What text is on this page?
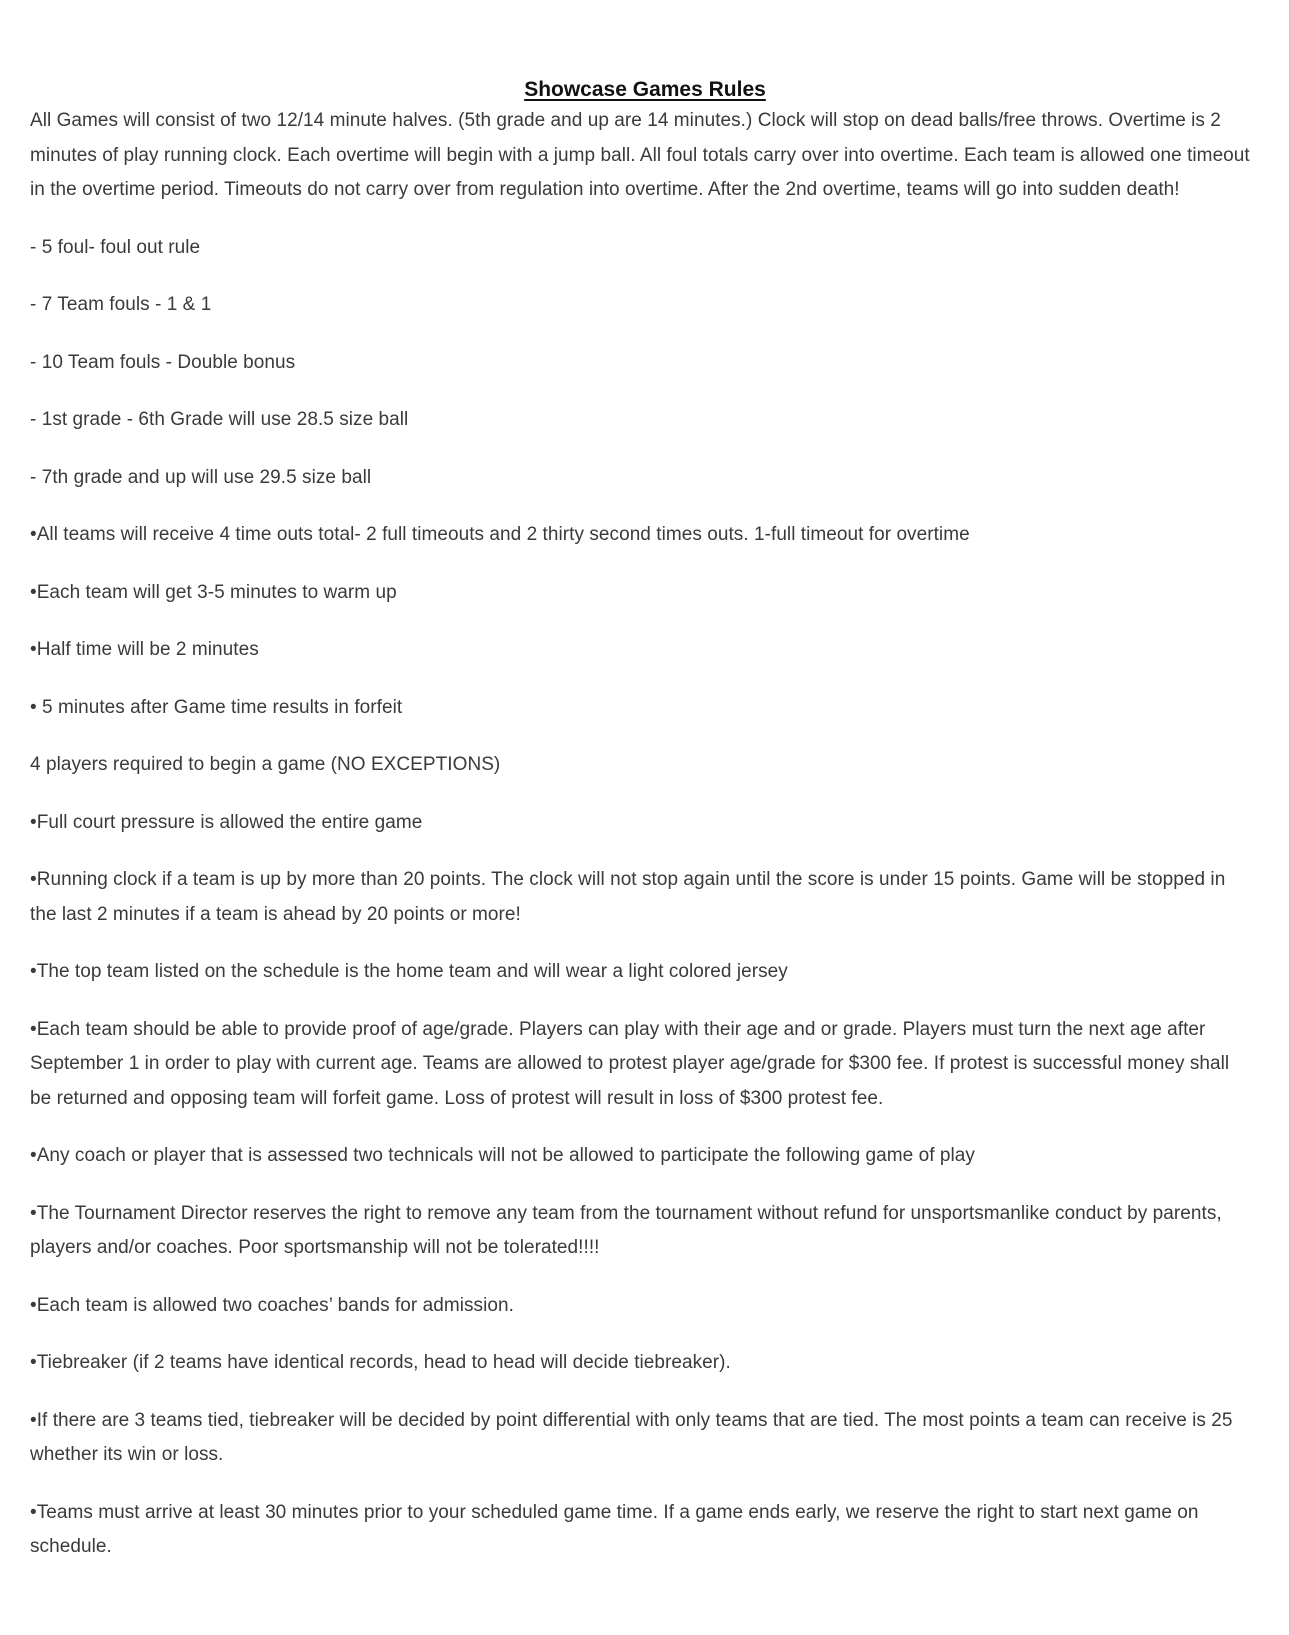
Showcase Games Rules

All Games will consist of two 12/14 minute halves. (5th grade and up are 14 minutes.) Clock will stop on dead balls/free throws. Overtime is 2 minutes of play running clock. Each overtime will begin with a jump ball. All foul totals carry over into overtime. Each team is allowed one timeout in the overtime period. Timeouts do not carry over from regulation into overtime. After the 2nd overtime, teams will go into sudden death!

- 5 foul- foul out rule

- 7 Team fouls - 1 & 1

- 10 Team fouls - Double bonus

- 1st grade - 6th Grade will use 28.5 size ball

- 7th grade and up will use 29.5 size ball

•All teams will receive 4 time outs total- 2 full timeouts and 2 thirty second times outs. 1-full timeout for overtime

•Each team will get 3-5 minutes to warm up

•Half time will be 2 minutes

• 5 minutes after Game time results in forfeit

4 players required to begin a game (NO EXCEPTIONS)

•Full court pressure is allowed the entire game

•Running clock if a team is up by more than 20 points. The clock will not stop again until the score is under 15 points. Game will be stopped in the last 2 minutes if a team is ahead by 20 points or more!

•The top team listed on the schedule is the home team and will wear a light colored jersey

•Each team should be able to provide proof of age/grade. Players can play with their age and or grade. Players must turn the next age after September 1 in order to play with current age. Teams are allowed to protest player age/grade for $300 fee. If protest is successful money shall be returned and opposing team will forfeit game. Loss of protest will result in loss of $300 protest fee.

•Any coach or player that is assessed two technicals will not be allowed to participate the following game of play

•The Tournament Director reserves the right to remove any team from the tournament without refund for unsportsmanlike conduct by parents, players and/or coaches. Poor sportsmanship will not be tolerated!!!!

•Each team is allowed two coaches’ bands for admission.

•Tiebreaker (if 2 teams have identical records, head to head will decide tiebreaker).

•If there are 3 teams tied, tiebreaker will be decided by point differential with only teams that are tied. The most points a team can receive is 25 whether its win or loss.

•Teams must arrive at least 30 minutes prior to your scheduled game time. If a game ends early, we reserve the right to start next game on schedule.
